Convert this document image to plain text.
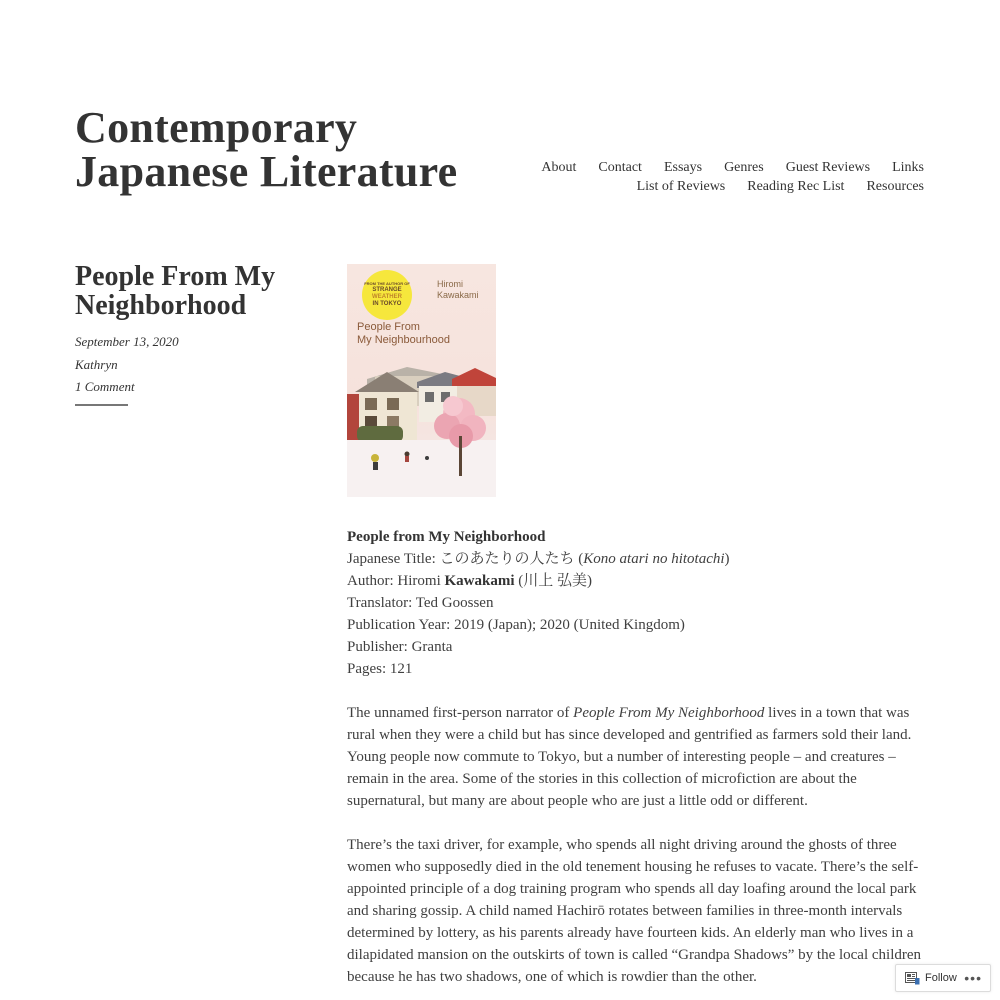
Contemporary
Japanese Literature	About Contact Essays Genres Guest Reviews Links
List of Reviews Reading Rec List Resources
People From My Neighborhood
September 13, 2020
Kathryn
1 Comment
FROM THE AUTHOR OF
STRANGE
WEATHER
IN TOKYO
Hiromi
Kawakami
People From
My Neighbourhood

People from My Neighborhood
Japanese Title: このあたりの人たち (Kono atari no hitotachi)
Author: Hiromi Kawakami (川上 弘美)
Translator: Ted Goossen
Publication Year: 2019 (Japan); 2020 (United Kingdom)
Publisher: Granta
Pages: 121

The unnamed first-person narrator of People From My Neighborhood lives in a town that was rural when they were a child but has since developed and gentrified as farmers sold their land. Young people now commute to Tokyo, but a number of interesting people – and creatures – remain in the area. Some of the stories in this collection of microfiction are about the supernatural, but many are about people who are just a little odd or different.

There’s the taxi driver, for example, who spends all night driving around the ghosts of three women who supposedly died in the old tenement housing he refuses to vacate. There’s the self-appointed principle of a dog training program who spends all day loafing around the local park and sharing gossip. A child named Hachirō rotates between families in three-month intervals determined by lottery, as his parents already have fourteen kids. An elderly man who lives in a dilapidated mansion on the outskirts of town is called “Grandpa Shadows” by the local children because he has two shadows, one of which is rowdier than the other.	Follow •••
